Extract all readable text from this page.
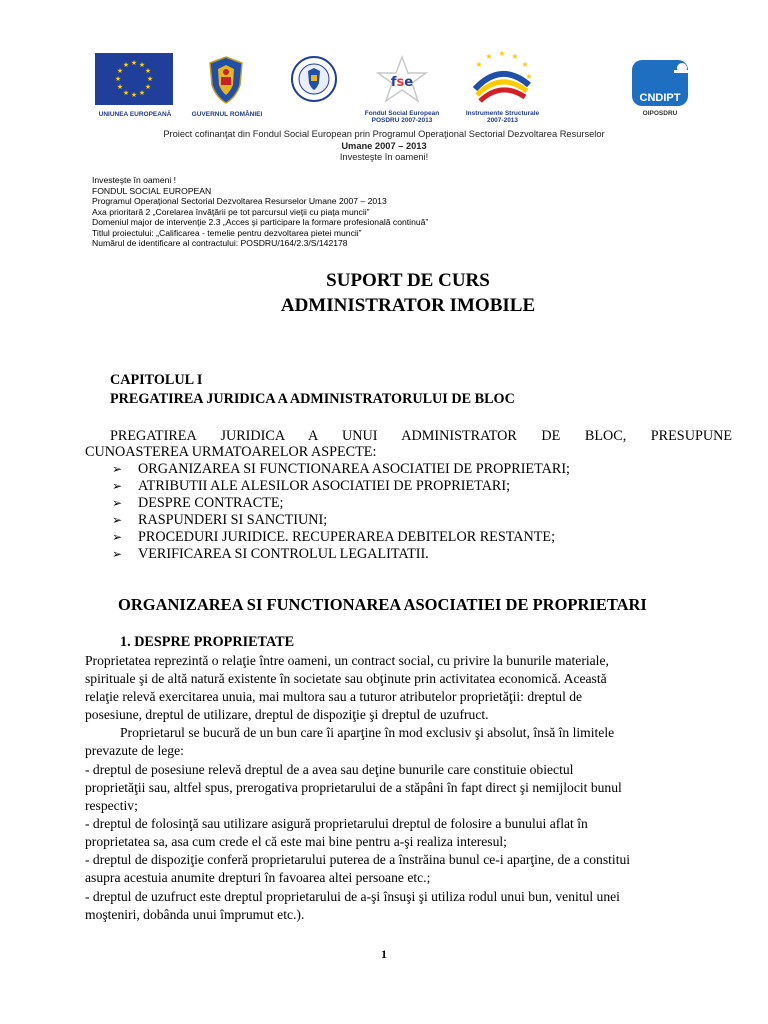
★ ★
★
★
★
★
★
★
★
★
★
★
UNIUNEA EUROPEANĂ	GUVERNUL ROMÂNIEI
fse
Fondul Social European
POSDRU 2007-2013
★ ★
★
★
★
★
Instrumente Structurale
2007-2013
CNDIPT
OIPOSDRU
Proiect cofinanţat din Fondul Social European prin Programul Operaţional Sectorial Dezvoltarea Resurselor
Umane 2007 – 2013
Investeşte în oameni!
Investeşte în oameni !
FONDUL SOCIAL EUROPEAN
Programul Operaţional Sectorial Dezvoltarea Resurselor Umane 2007 – 2013
Axa prioritară 2 „Corelarea învăţării pe tot parcursul vieţii cu piaţa muncii”
Domeniul major de intervenţie 2.3 „Acces şi participare la formare profesională continuă”
Titlul proiectului: „Calificarea - temelie pentru dezvoltarea pietei muncii”
Numărul de identificare al contractului: POSDRU/164/2.3/S/142178
SUPORT DE CURS
ADMINISTRATOR IMOBILE
CAPITOLUL I
PREGATIREA JURIDICA A ADMINISTRATORULUI DE BLOC
PREGATIREA JURIDICA A UNUI ADMINISTRATOR DE BLOC, PRESUPUNE
CUNOASTEREA URMATOARELOR ASPECTE:
➢ ORGANIZAREA SI FUNCTIONAREA ASOCIATIEI DE PROPRIETARI;
➢ ATRIBUTII ALE ALESILOR ASOCIATIEI DE PROPRIETARI;
➢ DESPRE CONTRACTE;
➢ RASPUNDERI SI SANCTIUNI;
➢ PROCEDURI JURIDICE. RECUPERAREA DEBITELOR RESTANTE;
➢ VERIFICAREA SI CONTROLUL LEGALITATII.
ORGANIZAREA SI FUNCTIONAREA ASOCIATIEI DE PROPRIETARI
1. DESPRE PROPRIETATE
Proprietatea reprezintă o relaţie între oameni, un contract social, cu privire la bunurile materiale,
spirituale şi de altă natură existente în societate sau obţinute prin activitatea economică. Această
relaţie relevă exercitarea unuia, mai multora sau a tuturor atributelor proprietăţii: dreptul de
posesiune, dreptul de utilizare, dreptul de dispoziţie şi dreptul de uzufruct.
Proprietarul se bucură de un bun care îi aparţine în mod exclusiv şi absolut, însă în limitele
prevazute de lege:
- dreptul de posesiune relevă dreptul de a avea sau deţine bunurile care constituie obiectul
proprietăţii sau, altfel spus, prerogativa proprietarului de a stăpâni în fapt direct şi nemijlocit bunul
respectiv;
- dreptul de folosinţă sau utilizare asigură proprietarului dreptul de folosire a bunului aflat în
proprietatea sa, asa cum crede el că este mai bine pentru a-şi realiza interesul;
- dreptul de dispoziţie conferă proprietarului puterea de a înstrăina bunul ce-i aparţine, de a constitui
asupra acestuia anumite drepturi în favoarea altei persoane etc.;
- dreptul de uzufruct este dreptul proprietarului de a-şi însuşi şi utiliza rodul unui bun, venitul unei
moşteniri, dobânda unui împrumut etc.).
1
